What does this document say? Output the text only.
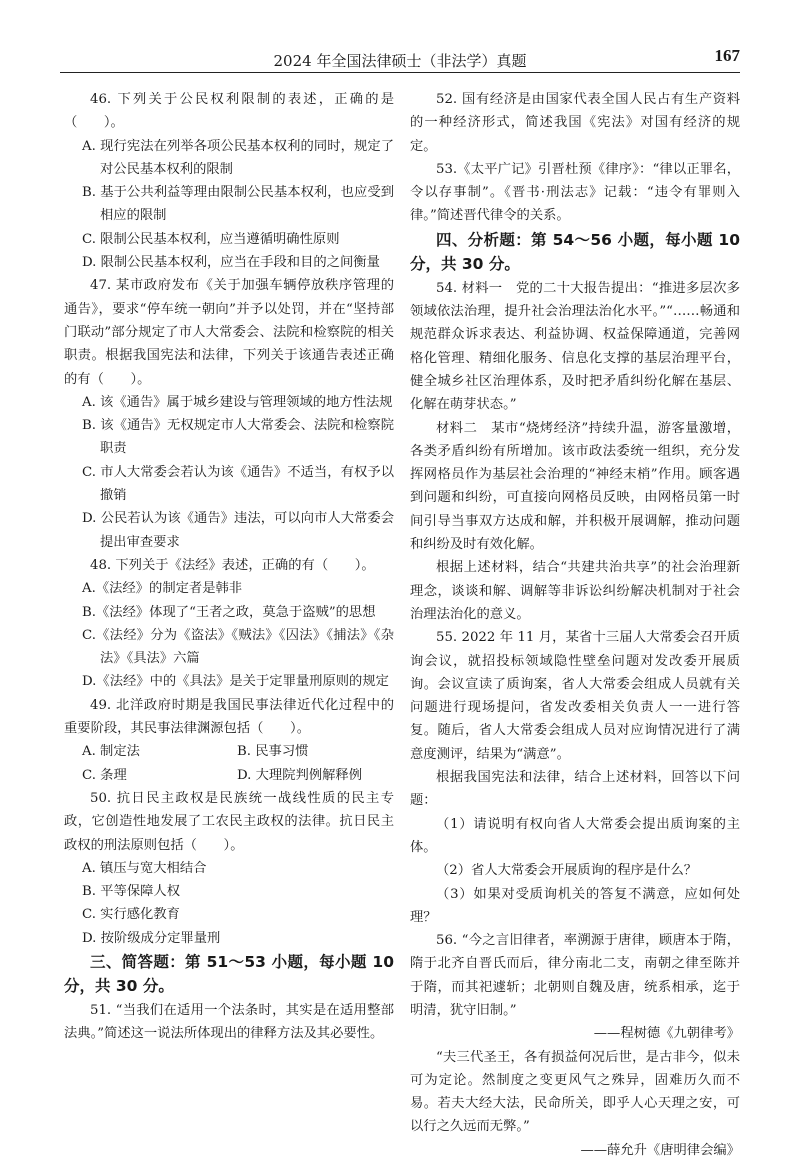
2024 年全国法律硕士（非法学）真题	167

46. 下列关于公民权利限制的表述，正确的是（　　）。

A. 现行宪法在列举各项公民基本权利的同时，规定了对公民基本权利的限制

B. 基于公共利益等理由限制公民基本权利，也应受到相应的限制

C. 限制公民基本权利，应当遵循明确性原则

D. 限制公民基本权利，应当在手段和目的之间衡量

47. 某市政府发布《关于加强车辆停放秩序管理的通告》，要求“停车统一朝向”并予以处罚，并在“坚持部门联动”部分规定了市人大常委会、法院和检察院的相关职责。根据我国宪法和法律，下列关于该通告表述正确的有（　　）。

A. 该《通告》属于城乡建设与管理领域的地方性法规

B. 该《通告》无权规定市人大常委会、法院和检察院职责

C. 市人大常委会若认为该《通告》不适当，有权予以撤销

D. 公民若认为该《通告》违法，可以向市人大常委会提出审查要求

48. 下列关于《法经》表述，正确的有（　　）。

A.《法经》的制定者是韩非

B.《法经》体现了“王者之政，莫急于盗贼”的思想

C.《法经》分为《盗法》《贼法》《囚法》《捕法》《杂法》《具法》六篇

D.《法经》中的《具法》是关于定罪量刑原则的规定

49. 北洋政府时期是我国民事法律近代化过程中的重要阶段，其民事法律渊源包括（　　）。

A. 制定法	B. 民事习惯

C. 条理	D. 大理院判例解释例

50. 抗日民主政权是民族统一战线性质的民主专政，它创造性地发展了工农民主政权的法律。抗日民主政权的刑法原则包括（　　）。

A. 镇压与宽大相结合

B. 平等保障人权

C. 实行感化教育

D. 按阶级成分定罪量刑

三、简答题：第 51～53 小题，每小题 10 分，共 30 分。

51. “当我们在适用一个法条时，其实是在适用整部法典。”简述这一说法所体现出的律释方法及其必要性。

52. 国有经济是由国家代表全国人民占有生产资料的一种经济形式，简述我国《宪法》对国有经济的规定。

53.《太平广记》引晋杜预《律序》：“律以正罪名，令以存事制”。《晋书·刑法志》记载：“违令有罪则入律。”简述晋代律令的关系。

四、分析题：第 54～56 小题，每小题 10 分，共 30 分。

54. 材料一　党的二十大报告提出：“推进多层次多领域依法治理，提升社会治理法治化水平。”“……畅通和规范群众诉求表达、利益协调、权益保障通道，完善网格化管理、精细化服务、信息化支撑的基层治理平台，健全城乡社区治理体系，及时把矛盾纠纷化解在基层、化解在萌芽状态。”

材料二　某市“烧烤经济”持续升温，游客量激增，各类矛盾纠纷有所增加。该市政法委统一组织，充分发挥网格员作为基层社会治理的“神经末梢”作用。顾客遇到问题和纠纷，可直接向网格员反映，由网格员第一时间引导当事双方达成和解，并积极开展调解，推动问题和纠纷及时有效化解。

根据上述材料，结合“共建共治共享”的社会治理新理念，谈谈和解、调解等非诉讼纠纷解决机制对于社会治理法治化的意义。

55. 2022 年 11 月，某省十三届人大常委会召开质询会议，就招投标领域隐性壁垒问题对发改委开展质询。会议宣读了质询案，省人大常委会组成人员就有关问题进行现场提问，省发改委相关负责人一一进行答复。随后，省人大常委会组成人员对应询情况进行了满意度测评，结果为“满意”。

根据我国宪法和法律，结合上述材料，回答以下问题：

（1）请说明有权向省人大常委会提出质询案的主体。

（2）省人大常委会开展质询的程序是什么？

（3）如果对受质询机关的答复不满意，应如何处理？

56. “今之言旧律者，率溯源于唐律，顾唐本于隋，隋于北齐自晋氏而后，律分南北二支，南朝之律至陈并于隋，而其祀遽斩；北朝则自魏及唐，统系相承，迄于明清，犹守旧制。”

——程树德《九朝律考》

“夫三代圣王，各有损益何况后世，是古非今，似未可为定论。然制度之变更风气之殊异，固难历久而不易。若夫大经大法，民命所关，即乎人心天理之安，可以行之久远而无弊。”

——薛允升《唐明律会编》
